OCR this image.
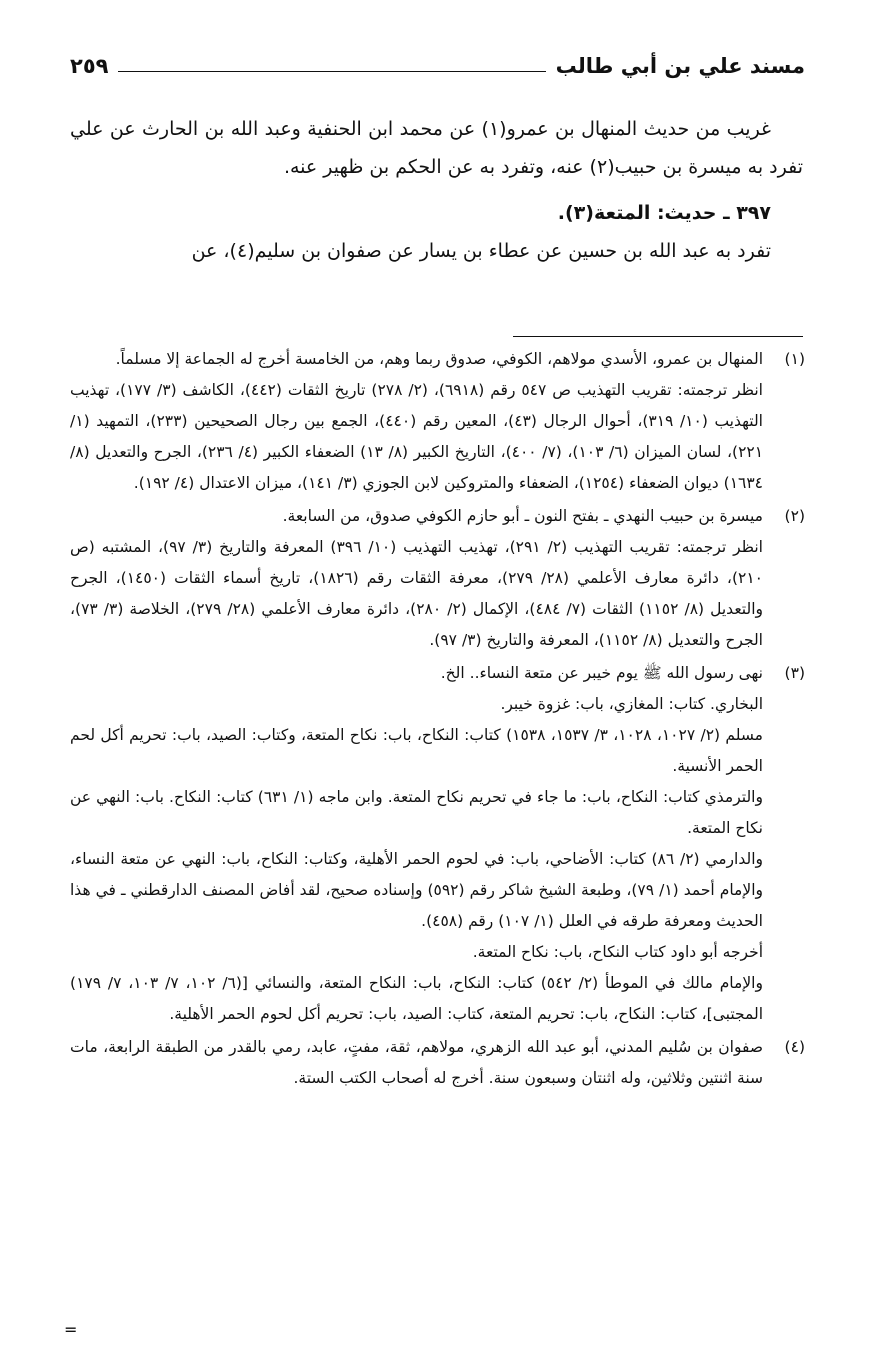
مسند علي بن أبي طالب
٢٥٩

غريب من حديث المنهال بن عمرو(١) عن محمد ابن الحنفية وعبد الله بن الحارث عن علي تفرد به ميسرة بن حبيب(٢) عنه، وتفرد به عن الحكم بن ظهير عنه.

٣٩٧ ـ حديث: المتعة(٣).

تفرد به عبد الله بن حسين عن عطاء بن يسار عن صفوان بن سليم(٤)، عن

(١)

المنهال بن عمرو، الأسدي مولاهم، الكوفي، صدوق ربما وهم، من الخامسة أخرج له الجماعة إلا مسلماً.

انظر ترجمته: تقريب التهذيب ص ٥٤٧ رقم (٦٩١٨)، (٢/ ٢٧٨) تاريخ الثقات (٤٤٢)، الكاشف (٣/ ١٧٧)، تهذيب التهذيب (١٠/ ٣١٩)، أحوال الرجال (٤٣)، المعين رقم (٤٤٠)، الجمع بين رجال الصحيحين (٢٣٣)، التمهيد (١/ ٢٢١)، لسان الميزان (٦/ ١٠٣)، (٧/ ٤٠٠)، التاريخ الكبير (٨/ ١٣) الضعفاء الكبير (٤/ ٢٣٦)، الجرح والتعديل (٨/ ١٦٣٤) ديوان الضعفاء (١٢٥٤)، الضعفاء والمتروكين لابن الجوزي (٣/ ١٤١)، ميزان الاعتدال (٤/ ١٩٢).

(٢)

ميسرة بن حبيب النهدي ـ بفتح النون ـ أبو حازم الكوفي صدوق، من السابعة.

انظر ترجمته: تقريب التهذيب (٢/ ٢٩١)، تهذيب التهذيب (١٠/ ٣٩٦) المعرفة والتاريخ (٣/ ٩٧)، المشتبه (ص ٢١٠)، دائرة معارف الأعلمي (٢٨/ ٢٧٩)، معرفة الثقات رقم (١٨٢٦)، تاريخ أسماء الثقات (١٤٥٠)، الجرح والتعديل (٨/ ١١٥٢) الثقات (٧/ ٤٨٤)، الإكمال (٢/ ٢٨٠)، دائرة معارف الأعلمي (٢٨/ ٢٧٩)، الخلاصة (٣/ ٧٣)، الجرح والتعديل (٨/ ١١٥٢)، المعرفة والتاريخ (٣/ ٩٧).

(٣)

نهى رسول الله ﷺ يوم خيبر عن متعة النساء.. الخ.

البخاري. كتاب: المغازي، باب: غزوة خيبر.

مسلم (٢/ ١٠٢٧، ١٠٢٨، ٣/ ١٥٣٧، ١٥٣٨) كتاب: النكاح، باب: نكاح المتعة، وكتاب: الصيد، باب: تحريم أكل لحم الحمر الأنسية.

والترمذي كتاب: النكاح، باب: ما جاء في تحريم نكاح المتعة. وابن ماجه (١/ ٦٣١) كتاب: النكاح. باب: النهي عن نكاح المتعة.

والدارمي (٢/ ٨٦) كتاب: الأضاحي، باب: في لحوم الحمر الأهلية، وكتاب: النكاح، باب: النهي عن متعة النساء، والإمام أحمد (١/ ٧٩)، وطبعة الشيخ شاكر رقم (٥٩٢) وإسناده صحيح، لقد أفاض المصنف الدارقطني ـ في هذا الحديث ومعرفة طرقه في العلل (١/ ١٠٧) رقم (٤٥٨).

أخرجه أبو داود كتاب النكاح، باب: نكاح المتعة.

والإمام مالك في الموطأ (٢/ ٥٤٢) كتاب: النكاح، باب: النكاح المتعة، والنسائي [(٦/ ١٠٢، ٧/ ١٠٣، ٧/ ١٧٩) المجتبى]، كتاب: النكاح، باب: تحريم المتعة، كتاب: الصيد، باب: تحريم أكل لحوم الحمر الأهلية.

(٤)

صفوان بن سُليم المدني، أبو عبد الله الزهري، مولاهم، ثقة، مفتٍ، عابد، رمي بالقدر من الطبقة الرابعة، مات سنة اثنتين وثلاثين، وله اثنتان وسبعون سنة. أخرج له أصحاب الكتب الستة.

=
